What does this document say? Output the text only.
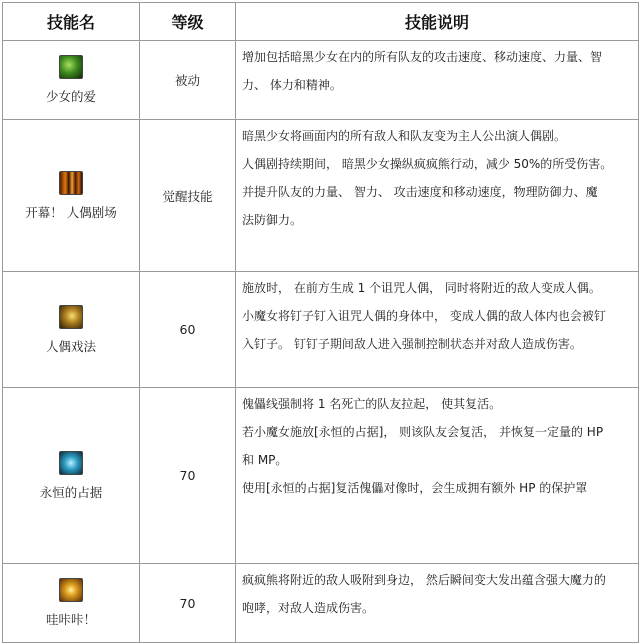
技能名	等级	技能说明

少女的爱	被动	增加包括暗黑少女在内的所有队友的攻击速度、移动速度、力量、智

力、 体力和精神。

开幕！ 人偶剧场	觉醒技能	暗黑少女将画面内的所有敌人和队友变为主人公出演人偶剧。

人偶剧持续期间， 暗黑少女操纵疯疯熊行动，减少 50%的所受伤害。

并提升队友的力量、 智力、 攻击速度和移动速度，物理防御力、魔

法防御力。

人偶戏法	60	施放时， 在前方生成 1 个诅咒人偶， 同时将附近的敌人变成人偶。

小魔女将钉子钉入诅咒人偶的身体中， 变成人偶的敌人体内也会被钉

入钉子。 钉钉子期间敌人进入强制控制状态并对敌人造成伤害。

永恒的占据	70	傀儡线强制将 1 名死亡的队友拉起， 使其复活。

若小魔女施放[永恒的占据]， 则该队友会复活， 并恢复一定量的 HP

和 MP。

使用[永恒的占据]复活傀儡对像时，会生成拥有额外 HP 的保护罩

哇咔咔！	70	疯疯熊将附近的敌人吸附到身边， 然后瞬间变大发出蕴含强大魔力的

咆哮，对敌人造成伤害。
